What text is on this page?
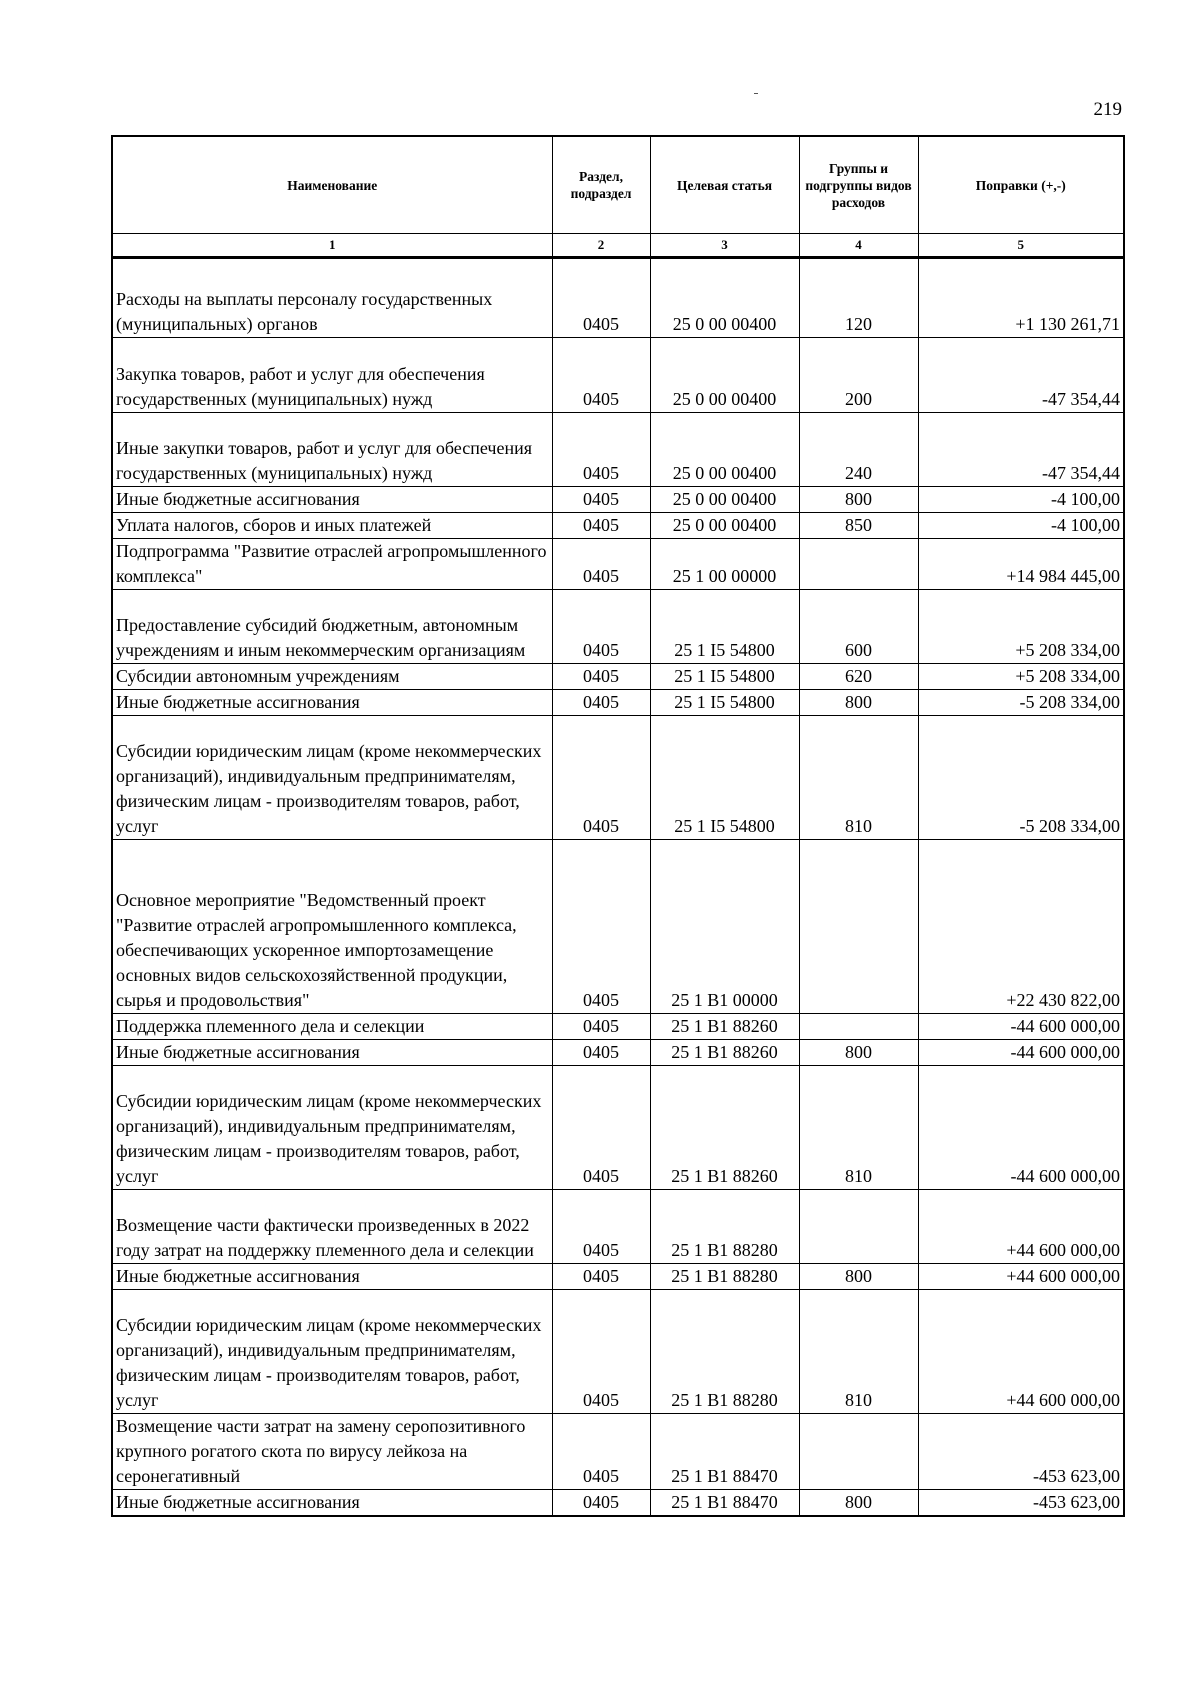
219
Наименование	Раздел, подраздел	Целевая статья	Группы и подгруппы видов расходов	Поправки (+,-)
1	2	3	4	5
Расходы на выплаты персоналу государственных (муниципальных) органов	0405	25 0 00 00400	120	+1 130 261,71
Закупка товаров, работ и услуг для обеспечения государственных (муниципальных) нужд	0405	25 0 00 00400	200	-47 354,44
Иные закупки товаров, работ и услуг для обеспечения государственных (муниципальных) нужд	0405	25 0 00 00400	240	-47 354,44
Иные бюджетные ассигнования	0405	25 0 00 00400	800	-4 100,00
Уплата налогов, сборов и иных платежей	0405	25 0 00 00400	850	-4 100,00
Подпрограмма "Развитие отраслей агропромышленного комплекса"	0405	25 1 00 00000		+14 984 445,00
Предоставление субсидий бюджетным, автономным учреждениям и иным некоммерческим организациям	0405	25 1 I5 54800	600	+5 208 334,00
Субсидии автономным учреждениям	0405	25 1 I5 54800	620	+5 208 334,00
Иные бюджетные ассигнования	0405	25 1 I5 54800	800	-5 208 334,00
Субсидии юридическим лицам (кроме некоммерческих организаций), индивидуальным предпринимателям, физическим лицам - производителям товаров, работ, услуг	0405	25 1 I5 54800	810	-5 208 334,00
Основное мероприятие "Ведомственный проект "Развитие отраслей агропромышленного комплекса, обеспечивающих ускоренное импортозамещение основных видов сельскохозяйственной продукции, сырья и продовольствия"	0405	25 1 B1 00000		+22 430 822,00
Поддержка племенного дела и селекции	0405	25 1 B1 88260		-44 600 000,00
Иные бюджетные ассигнования	0405	25 1 B1 88260	800	-44 600 000,00
Субсидии юридическим лицам (кроме некоммерческих организаций), индивидуальным предпринимателям, физическим лицам - производителям товаров, работ, услуг	0405	25 1 B1 88260	810	-44 600 000,00
Возмещение части фактически произведенных в 2022 году затрат на поддержку племенного дела и селекции	0405	25 1 B1 88280		+44 600 000,00
Иные бюджетные ассигнования	0405	25 1 B1 88280	800	+44 600 000,00
Субсидии юридическим лицам (кроме некоммерческих организаций), индивидуальным предпринимателям, физическим лицам - производителям товаров, работ, услуг	0405	25 1 B1 88280	810	+44 600 000,00
Возмещение части затрат на замену серопозитивного крупного рогатого скота по вирусу лейкоза на серонегативный	0405	25 1 B1 88470		-453 623,00
Иные бюджетные ассигнования	0405	25 1 B1 88470	800	-453 623,00
